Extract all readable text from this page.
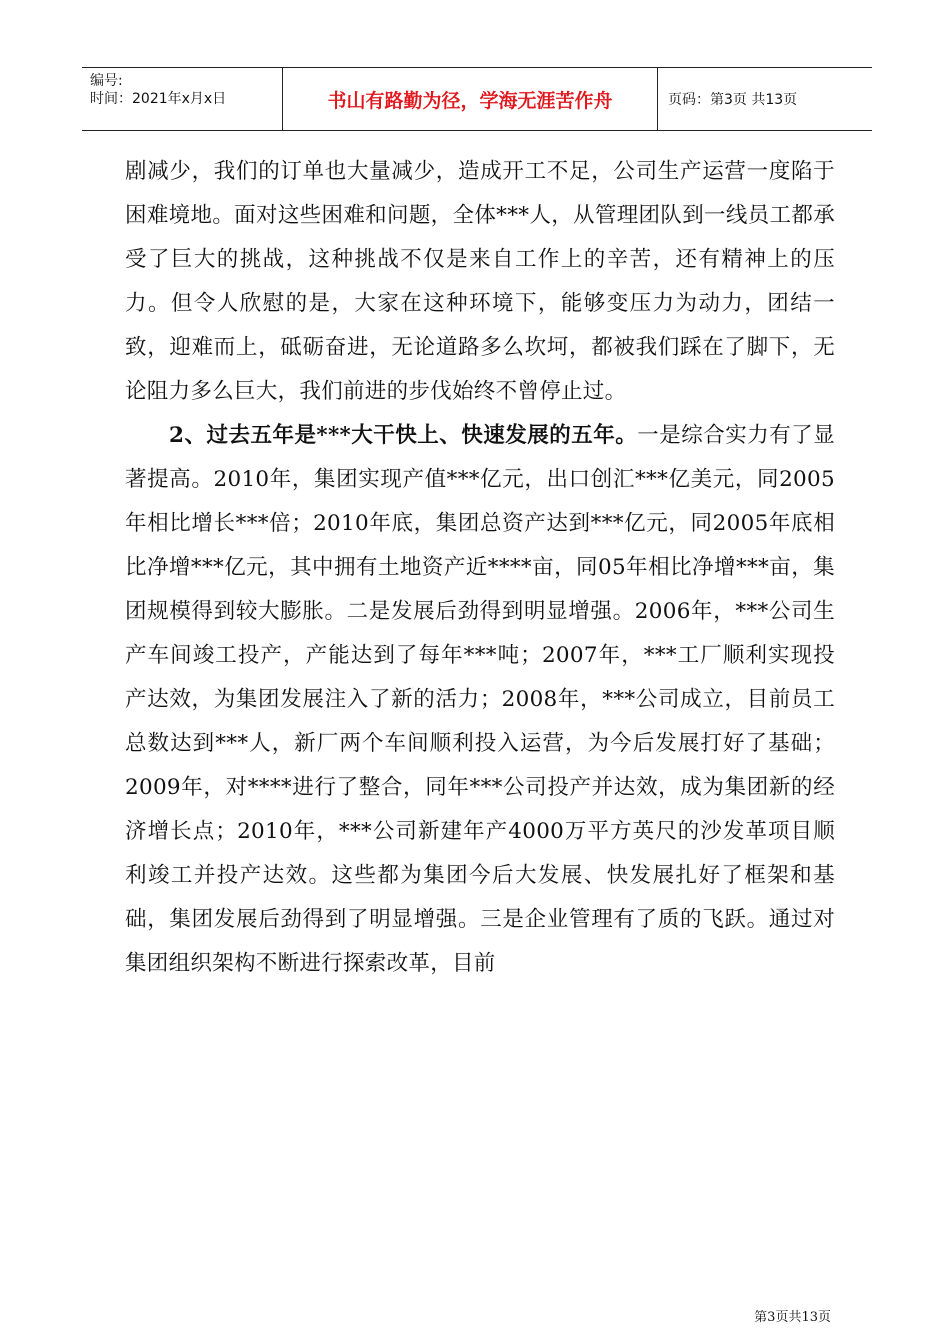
编号:
时间：2021年x月x日	书山有路勤为径，学海无涯苦作舟	页码：第3页 共13页

剧减少，我们的订单也大量减少，造成开工不足，公司生产运营一度陷于困难境地。面对这些困难和问题，全体***人，从管理团队到一线员工都承受了巨大的挑战，这种挑战不仅是来自工作上的辛苦，还有精神上的压力。但令人欣慰的是，大家在这种环境下，能够变压力为动力，团结一致，迎难而上，砥砺奋进，无论道路多么坎坷，都被我们踩在了脚下，无论阻力多么巨大，我们前进的步伐始终不曾停止过。

2、过去五年是***大干快上、快速发展的五年。一是综合实力有了显著提高。2010年，集团实现产值***亿元，出口创汇***亿美元，同2005年相比增长***倍；2010年底，集团总资产达到***亿元，同2005年底相比净增***亿元，其中拥有土地资产近****亩，同05年相比净增***亩，集团规模得到较大膨胀。二是发展后劲得到明显增强。2006年，***公司生产车间竣工投产，产能达到了每年***吨；2007年，***工厂顺利实现投产达效，为集团发展注入了新的活力；2008年，***公司成立，目前员工总数达到***人，新厂两个车间顺利投入运营，为今后发展打好了基础；2009年，对****进行了整合，同年***公司投产并达效，成为集团新的经济增长点；2010年，***公司新建年产4000万平方英尺的沙发革项目顺利竣工并投产达效。这些都为集团今后大发展、快发展扎好了框架和基础，集团发展后劲得到了明显增强。三是企业管理有了质的飞跃。通过对集团组织架构不断进行探索改革，目前

第3页共13页
